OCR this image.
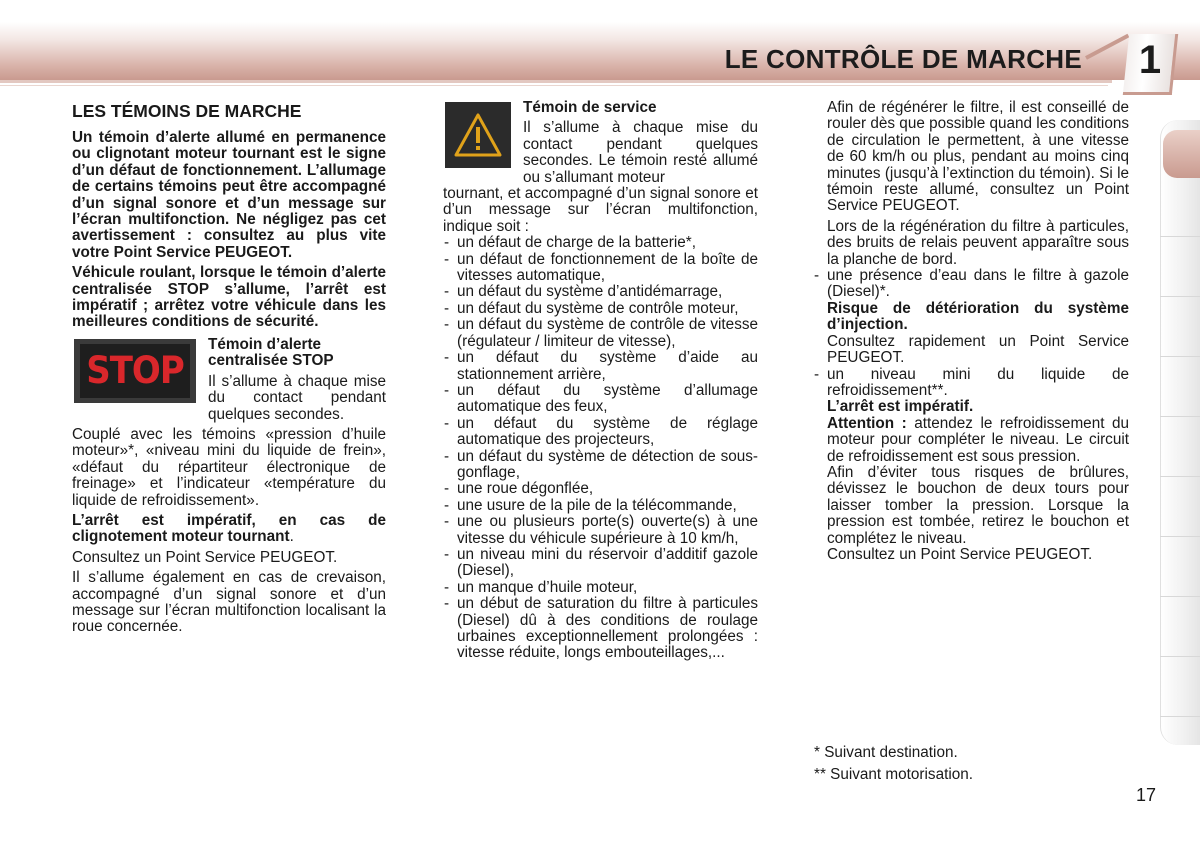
LE CONTRÔLE DE MARCHE 1

LES TÉMOINS DE MARCHE

Un témoin d’alerte allumé en permanence ou clignotant moteur tournant est le signe d’un défaut de fonctionnement. L’allumage de certains témoins peut être accompagné d’un signal sonore et d’un message sur l’écran multifonction. Ne négligez pas cet avertissement : consultez au plus vite votre Point Service PEUGEOT.

Véhicule roulant, lorsque le témoin d’alerte centralisée STOP s’allume, l’arrêt est impératif ; arrêtez votre véhicule dans les meilleures conditions de sécurité.

STOP

Témoin d’alerte centralisée STOP

Il s’allume à chaque mise du contact pendant quelques secondes.

Couplé avec les témoins «pression d’huile moteur»*, «niveau mini du liquide de frein», «défaut du répartiteur électronique de freinage» et l’indicateur «température du liquide de refroidissement».

L’arrêt est impératif, en cas de clignotement moteur tournant.

Consultez un Point Service PEUGEOT.

Il s’allume également en cas de crevaison, accompagné d’un signal sonore et d’un message sur l’écran multifonction localisant la roue concernée.

Témoin de service

Il s’allume à chaque mise du contact pendant quelques secondes. Le témoin resté allumé ou s’allumant moteur

tournant, et accompagné d’un signal sonore et d’un message sur l’écran multifonction, indique soit :

- un défaut de charge de la batterie*,
- un défaut de fonctionnement de la boîte de vitesses automatique,
- un défaut du système d’antidémarrage,
- un défaut du système de contrôle moteur,
- un défaut du système de contrôle de vitesse (régulateur / limiteur de vitesse),
- un défaut du système d’aide au stationnement arrière,
- un défaut du système d’allumage automatique des feux,
- un défaut du système de réglage automatique des projecteurs,
- un défaut du système de détection de sous-gonflage,
- une roue dégonflée,
- une usure de la pile de la télécommande,
- une ou plusieurs porte(s) ouverte(s) à une vitesse du véhicule supérieure à 10 km/h,
- un niveau mini du réservoir d’additif gazole (Diesel),
- un manque d’huile moteur,
- un début de saturation du filtre à particules (Diesel) dû à des conditions de roulage urbaines exceptionnellement prolongées : vitesse réduite, longs embouteillages,...

Afin de régénérer le filtre, il est conseillé de rouler dès que possible quand les conditions de circulation le permettent, à une vitesse de 60 km/h ou plus, pendant au moins cinq minutes (jusqu’à l’extinction du témoin). Si le témoin reste allumé, consultez un Point Service PEUGEOT.

Lors de la régénération du filtre à particules, des bruits de relais peuvent apparaître sous la planche de bord.

- une présence d’eau dans le filtre à gazole (Diesel)*.

Risque de détérioration du système d’injection.

Consultez rapidement un Point Service PEUGEOT.

- un niveau mini du liquide de refroidissement**.

L’arrêt est impératif.

Attention : attendez le refroidissement du moteur pour compléter le niveau. Le circuit de refroidissement est sous pression.

Afin d’éviter tous risques de brûlures, dévissez le bouchon de deux tours pour laisser tomber la pression. Lorsque la pression est tombée, retirez le bouchon et complétez le niveau.

Consultez un Point Service PEUGEOT.

* Suivant destination.

** Suivant motorisation.

17
